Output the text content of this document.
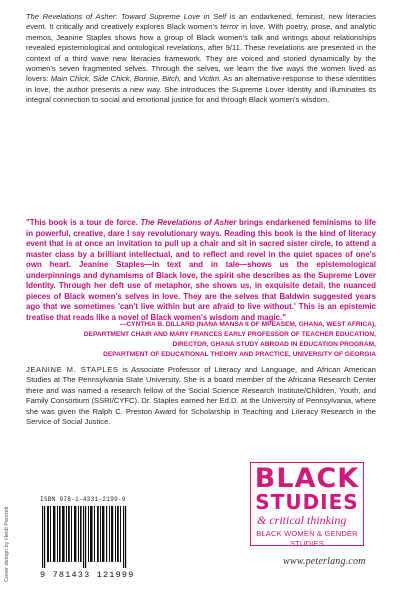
The Revelations of Asher: Toward Supreme Love in Self is an endarkened, feminist, new literacies event. It critically and creatively explores Black women's terror in love. With poetry, prose, and analytic memos, Jeanine Staples shows how a group of Black women's talk and writings about relationships revealed epistemological and ontological revelations, after 9/11. These revelations are presented in the context of a third wave new literacies framework. They are voiced and storied dynamically by the women's seven fragmented selves. Through the selves, we learn the five ways the women lived as lovers: Main Chick, Side Chick, Bonnie, Bitch, and Victim. As an alternative-response to these identities in love, the author presents a new way. She introduces the Supreme Lover Identity and illuminates its integral connection to social and emotional justice for and through Black women's wisdom.

"This book is a tour de force. The Revelations of Asher brings endarkened feminisms to life in powerful, creative, dare I say revolutionary ways. Reading this book is the kind of literacy event that is at once an invitation to pull up a chair and sit in sacred sister circle, to attend a master class by a brilliant intellectual, and to reflect and revel in the quiet spaces of one's own heart. Jeanine Staples—in text and in tale—shows us the epistemological underpinnings and dynamisms of Black love, the spirit she describes as the Supreme Lover Identity. Through her deft use of metaphor, she shows us, in exquisite detail, the nuanced pieces of Black women's selves in love. They are the selves that Baldwin suggested years ago that we sometimes 'can't live within but are afraid to live without.' This is an epistemic treatise that reads like a novel of Black women's wisdom and magic."

—CYNTHIA B. DILLARD (NANA MANSA II OF MPEASEM, GHANA, WEST AFRICA),
DEPARTMENT CHAIR AND MARY FRANCES EARLY PROFESSOR OF TEACHER EDUCATION,
DIRECTOR, GHANA STUDY ABROAD IN EDUCATION PROGRAM,
DEPARTMENT OF EDUCATIONAL THEORY AND PRACTICE, UNIVERSITY OF GEORGIA

JEANINE M. STAPLES is Associate Professor of Literacy and Language, and African American Studies at The Pennsylvania State University. She is a board member of the Africana Research Center there and was named a research fellow of the Social Science Research Institute/Children, Youth, and Family Consortium (SSRI/CYFC). Dr. Staples earned her Ed.D. at the University of Pennsylvania, where she was given the Ralph C. Preston Award for Scholarship in Teaching and Literacy Research in the Service of Social Justice.

BLACK
STUDIES
& critical thinking
BLACK WOMEN & GENDER STUDIES
ISBN 978-1-4331-2199-9
9 781433 121999
Cover design by Heidi Pennett	www.peterlang.com
